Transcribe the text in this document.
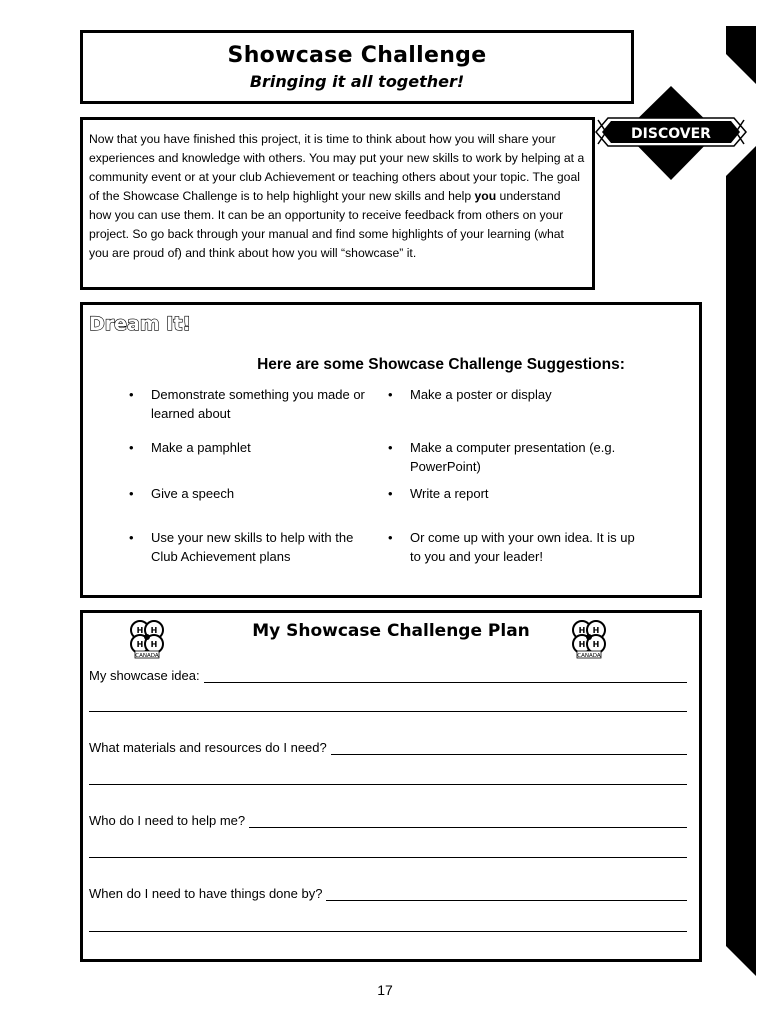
Showcase Challenge
Bringing it all together!

Now that you have finished this project, it is time to think about how you will share your experiences and knowledge with others. You may put your new skills to work by helping at a community event or at your club Achievement or teaching others about your topic. The goal of the Showcase Challenge is to help highlight your new skills and help you understand how you can use them. It can be an opportunity to receive feedback from others on your project. So go back through your manual and find some highlights of your learning (what you are proud of) and think about how you will “showcase” it.

DISCOVER
Dream It!
Here are some Showcase Challenge Suggestions:
• Demonstrate something you made or learned about
• Make a poster or display
• Make a pamphlet	• Make a computer presentation (e.g. PowerPoint)
• Give a speech	• Write a report
• Use your new skills to help with the Club Achievement plans
• Or come up with your own idea. It is up to you and your leader!
H H
H H
CANADA
My Showcase Challenge Plan	H H
H H
CANADA
My showcase idea:
What materials and resources do I need?
Who do I need to help me?
When do I need to have things done by?
17
